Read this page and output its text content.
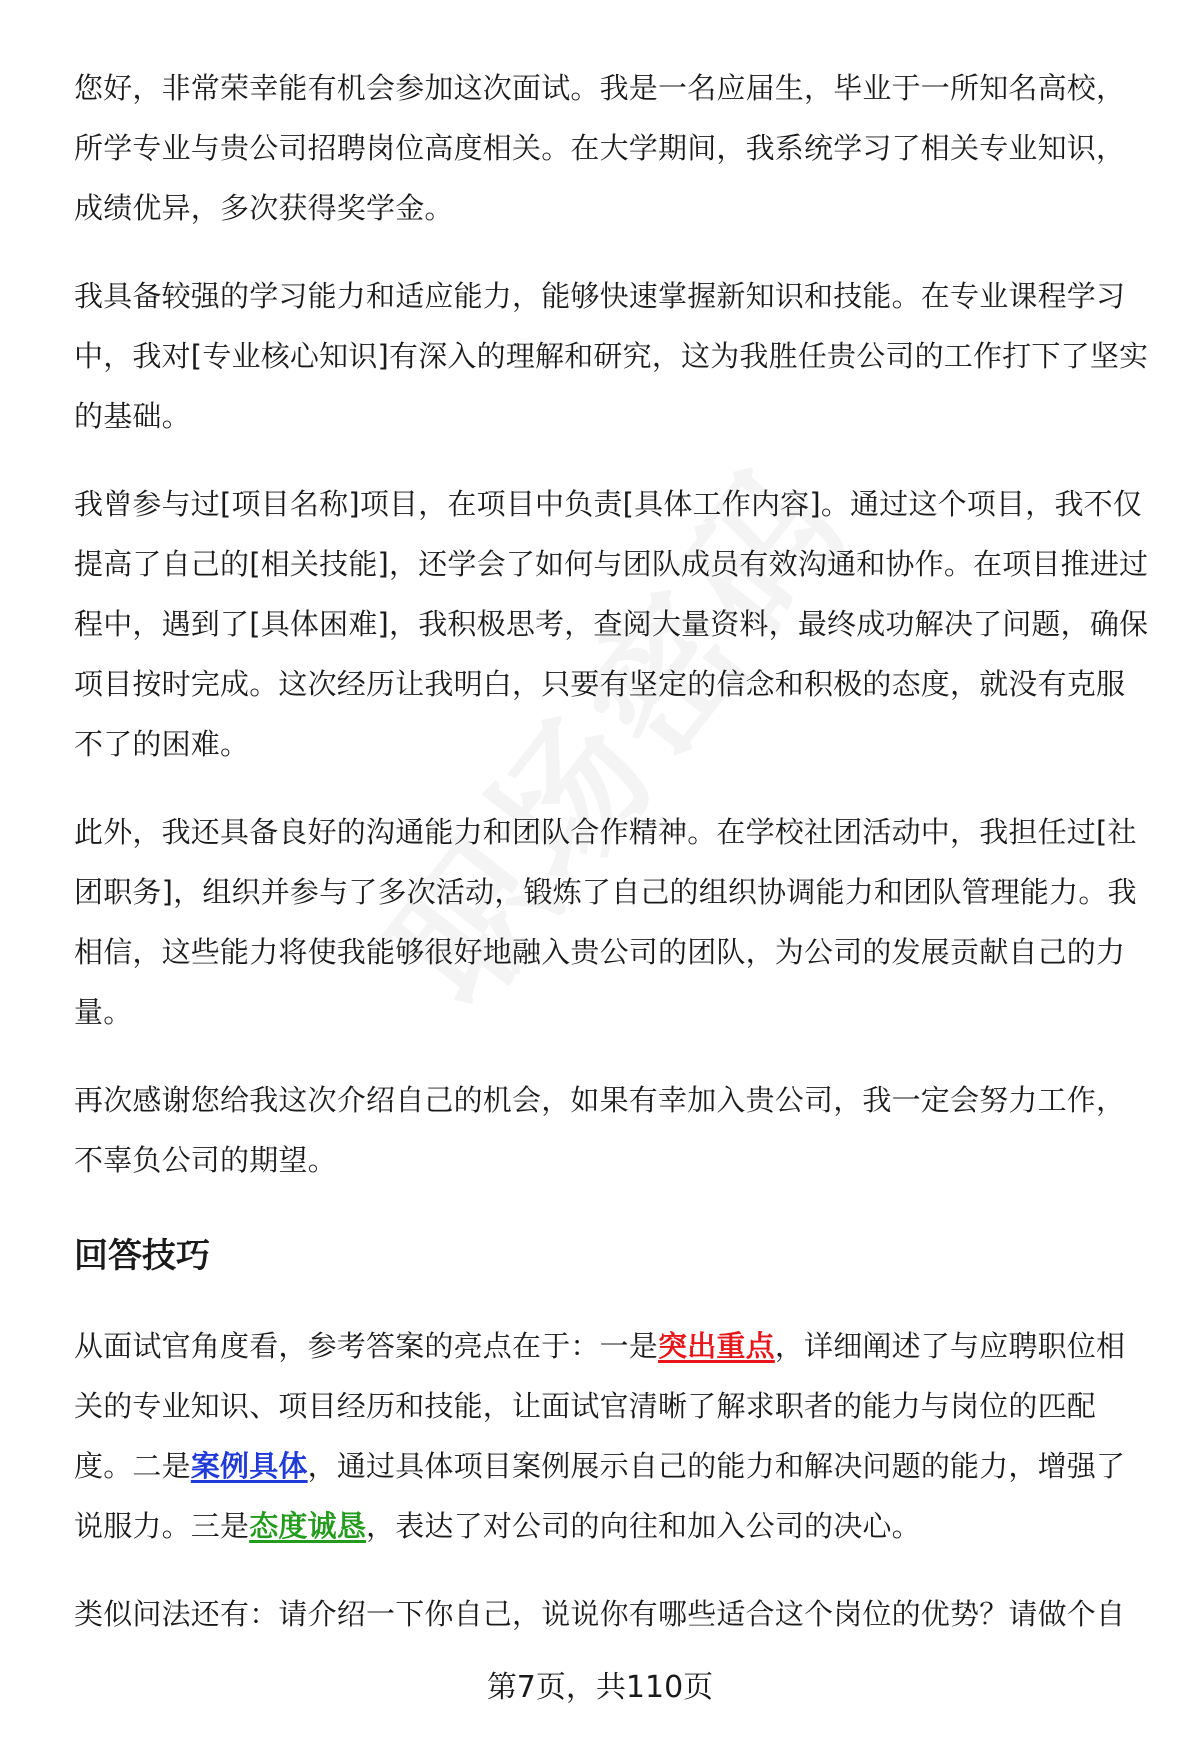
您好，非常荣幸能有机会参加这次面试。我是一名应届生，毕业于一所知名高校，所学专业与贵公司招聘岗位高度相关。在大学期间，我系统学习了相关专业知识，成绩优异，多次获得奖学金。

我具备较强的学习能力和适应能力，能够快速掌握新知识和技能。在专业课程学习中，我对[专业核心知识]有深入的理解和研究，这为我胜任贵公司的工作打下了坚实的基础。

我曾参与过[项目名称]项目，在项目中负责[具体工作内容]。通过这个项目，我不仅提高了自己的[相关技能]，还学会了如何与团队成员有效沟通和协作。在项目推进过程中，遇到了[具体困难]，我积极思考，查阅大量资料，最终成功解决了问题，确保项目按时完成。这次经历让我明白，只要有坚定的信念和积极的态度，就没有克服不了的困难。

此外，我还具备良好的沟通能力和团队合作精神。在学校社团活动中，我担任过[社团职务]，组织并参与了多次活动，锻炼了自己的组织协调能力和团队管理能力。我相信，这些能力将使我能够很好地融入贵公司的团队，为公司的发展贡献自己的力量。

再次感谢您给我这次介绍自己的机会，如果有幸加入贵公司，我一定会努力工作，不辜负公司的期望。

回答技巧

从面试官角度看，参考答案的亮点在于：一是突出重点，详细阐述了与应聘职位相关的专业知识、项目经历和技能，让面试官清晰了解求职者的能力与岗位的匹配度。二是案例具体，通过具体项目案例展示自己的能力和解决问题的能力，增强了说服力。三是态度诚恳，表达了对公司的向往和加入公司的决心。

类似问法还有：请介绍一下你自己，说说你有哪些适合这个岗位的优势？请做个自

第7页，共110页
